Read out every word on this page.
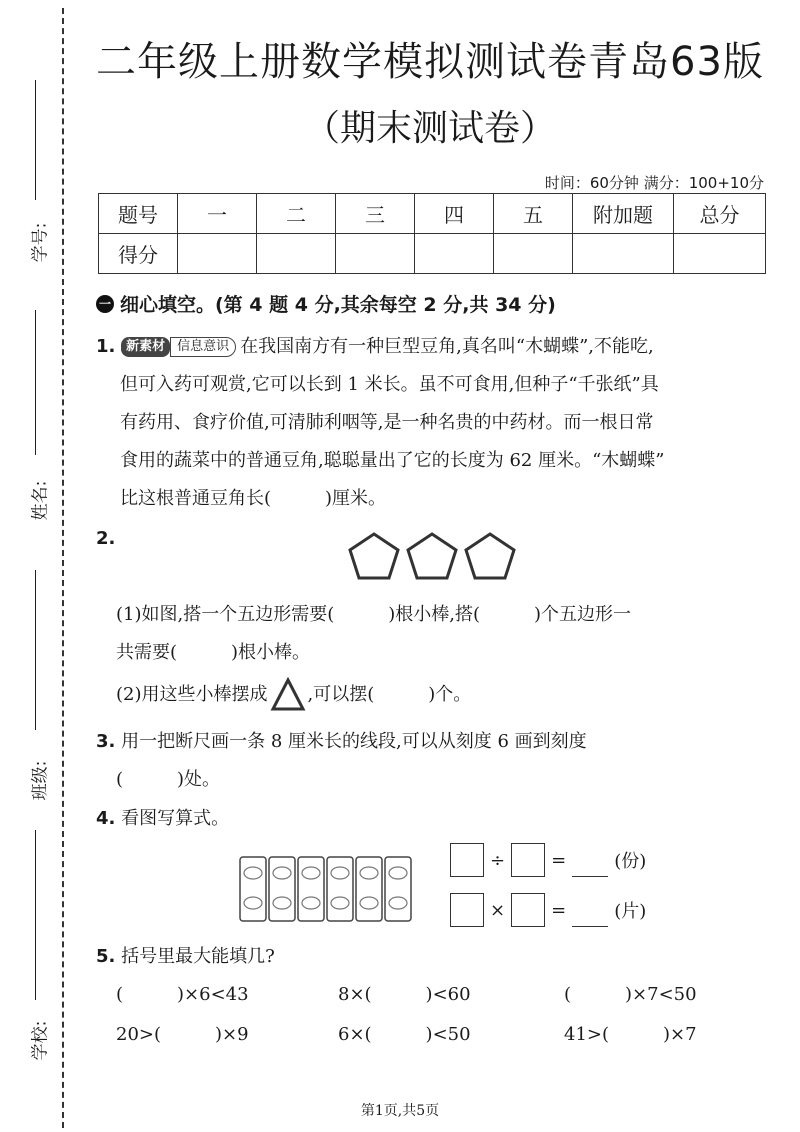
学号:
姓名:
班级:
学校:
二年级上册数学模拟测试卷青岛63版
（期末测试卷）
时间：60分钟 满分：100+10分
题号	一	二	三	四	五	附加题	总分
得分							
一 细心填空。(第 4 题 4 分,其余每空 2 分,共 34 分)
1. 新素材 信息意识 在我国南方有一种巨型豆角,真名叫“木蝴蝶”,不能吃,
但可入药可观赏,它可以长到 1 米长。虽不可食用,但种子“千张纸”具
有药用、食疗价值,可清肺利咽等,是一种名贵的中药材。而一根日常
食用的蔬菜中的普通豆角,聪聪量出了它的长度为 62 厘米。“木蝴蝶”
比这根普通豆角长(　　　)厘米。
2.
(1)如图,搭一个五边形需要(　　　)根小棒,搭(　　　)个五边形一
共需要(　　　)根小棒。
(2)用这些小棒摆成 ,可以摆(　　　)个。
3. 用一把断尺画一条 8 厘米长的线段,可以从刻度 6 画到刻度
(　　　)处。
4. 看图写算式。
÷	=	(份)
×	=	(片)
5. 括号里最大能填几?
(　　　)×6<43	8×(　　　)<60	(　　　)×7<50
20>(　　　)×9	6×(　　　)<50	41>(　　　)×7
第1页,共5页
